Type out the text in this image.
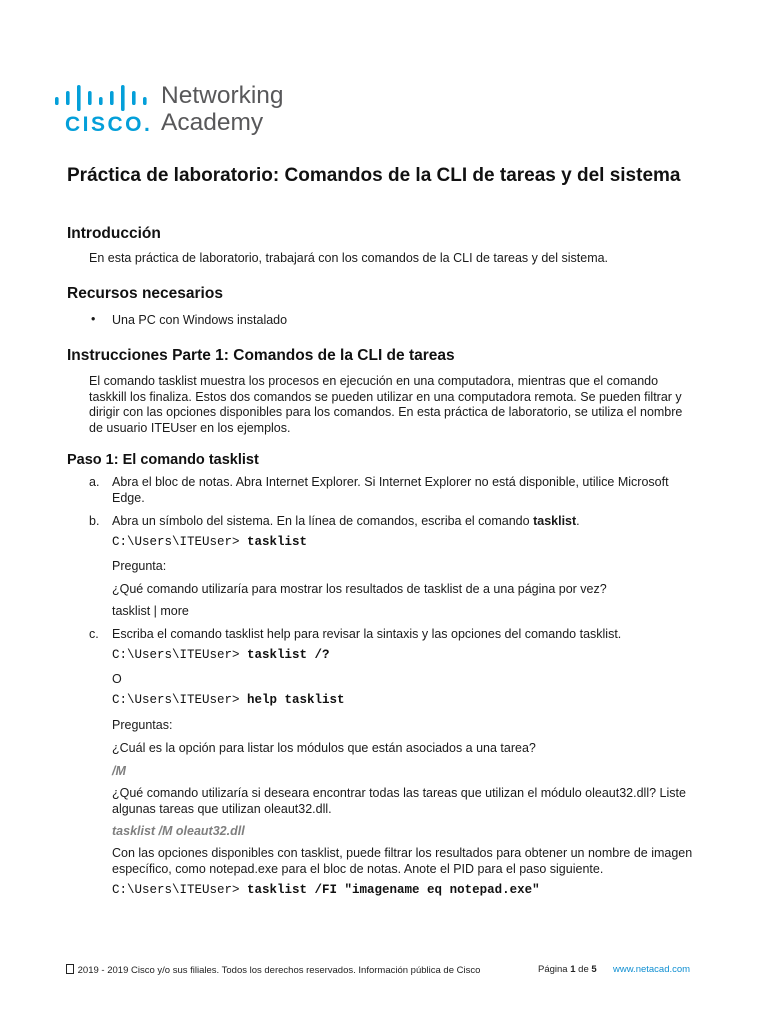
CISCO.
Networking
Academy
Práctica de laboratorio: Comandos de la CLI de tareas y del sistema
Introducción
En esta práctica de laboratorio, trabajará con los comandos de la CLI de tareas y del sistema.
Recursos necesarios
• Una PC con Windows instalado
Instrucciones Parte 1: Comandos de la CLI de tareas
El comando tasklist muestra los procesos en ejecución en una computadora, mientras que el comando taskkill los finaliza. Estos dos comandos se pueden utilizar en una computadora remota. Se pueden filtrar y dirigir con las opciones disponibles para los comandos. En esta práctica de laboratorio, se utiliza el nombre de usuario ITEUser en los ejemplos.
Paso 1: El comando tasklist
a. Abra el bloc de notas. Abra Internet Explorer. Si Internet Explorer no está disponible, utilice Microsoft Edge.
b. Abra un símbolo del sistema. En la línea de comandos, escriba el comando tasklist.
C:\Users\ITEUser> tasklist
Pregunta:
¿Qué comando utilizaría para mostrar los resultados de tasklist de a una página por vez?
tasklist | more
c. Escriba el comando tasklist help para revisar la sintaxis y las opciones del comando tasklist.
C:\Users\ITEUser> tasklist /?
O
C:\Users\ITEUser> help tasklist
Preguntas:
¿Cuál es la opción para listar los módulos que están asociados a una tarea?
/M
¿Qué comando utilizaría si deseara encontrar todas las tareas que utilizan el módulo oleaut32.dll? Liste algunas tareas que utilizan oleaut32.dll.
tasklist /M oleaut32.dll
Con las opciones disponibles con tasklist, puede filtrar los resultados para obtener un nombre de imagen específico, como notepad.exe para el bloc de notas. Anote el PID para el paso siguiente.
C:\Users\ITEUser> tasklist /FI "imagename eq notepad.exe"
2019 - 2019 Cisco y/o sus filiales. Todos los derechos reservados. Información pública de Cisco	Página 1 de 5 www.netacad.com
